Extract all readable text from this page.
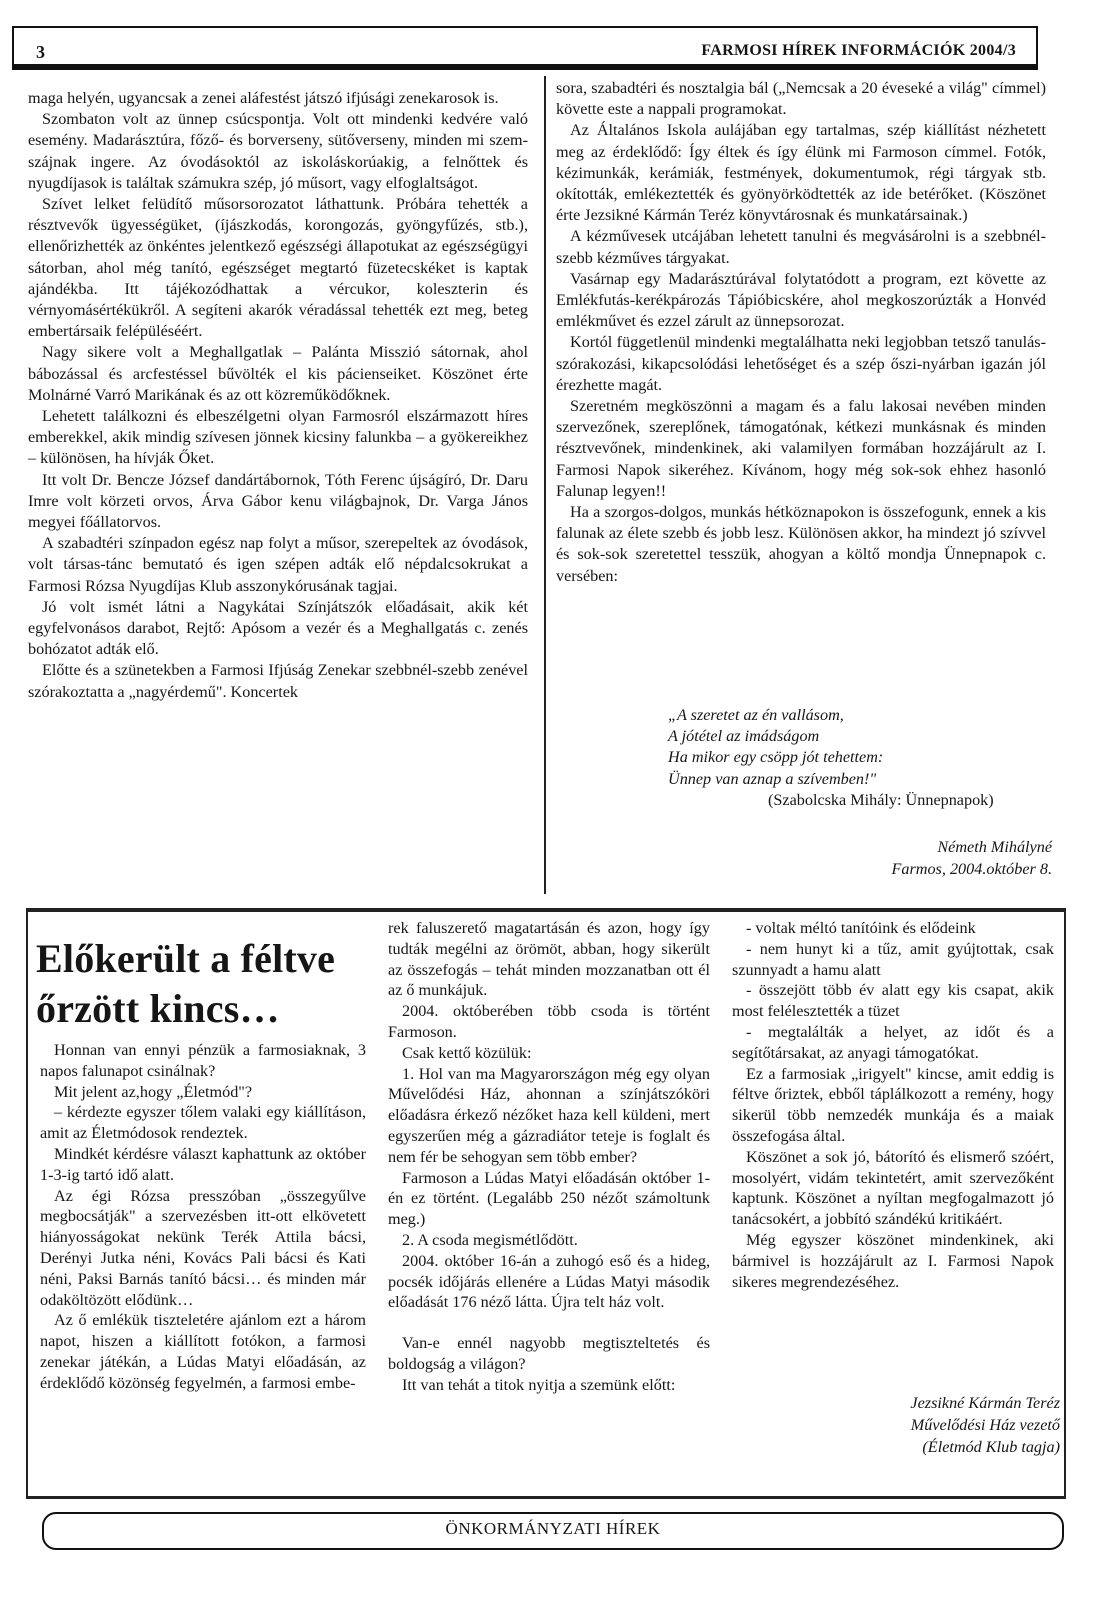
3	FARMOSI HÍREK INFORMÁCIÓK 2004/3

maga helyén, ugyancsak a zenei aláfestést játszó ifjúsági zenekarosok is.

Szombaton volt az ünnep csúcspontja. Volt ott mindenki kedvére való esemény. Madarásztúra, főző- és borverseny, sütőverseny, minden mi szem-szájnak ingere. Az óvodásoktól az iskoláskorúakig, a felnőttek és nyugdíjasok is találtak számukra szép, jó műsort, vagy elfoglaltságot.

Szívet lelket felüdítő műsorsorozatot láthattunk. Próbára tehették a résztvevők ügyességüket, (íjászkodás, korongozás, gyöngyfűzés, stb.), ellenőrizhették az önkéntes jelentkező egészségi állapotukat az egészségügyi sátorban, ahol még tanító, egészséget megtartó füzetecskéket is kaptak ajándékba. Itt tájékozódhattak a vércukor, koleszterin és vérnyomásértékükről. A segíteni akarók véradással tehették ezt meg, beteg embertársaik felépüléséért.

Nagy sikere volt a Meghallgatlak – Palánta Misszió sátornak, ahol bábozással és arcfestéssel bűvölték el kis pácienseiket. Köszönet érte Molnárné Varró Marikának és az ott közreműködőknek.

Lehetett találkozni és elbeszélgetni olyan Farmosról elszármazott híres emberekkel, akik mindig szívesen jönnek kicsiny falunkba – a gyökereikhez – különösen, ha hívják Őket.

Itt volt Dr. Bencze József dandártábornok, Tóth Ferenc újságíró, Dr. Daru Imre volt körzeti orvos, Árva Gábor kenu világbajnok, Dr. Varga János megyei főállatorvos.

A szabadtéri színpadon egész nap folyt a műsor, szerepeltek az óvodások, volt társas-tánc bemutató és igen szépen adták elő népdalcsokrukat a Farmosi Rózsa Nyugdíjas Klub asszonykórusának tagjai.

Jó volt ismét látni a Nagykátai Színjátszók előadásait, akik két egyfelvonásos darabot, Rejtő: Apósom a vezér és a Meghallgatás c. zenés bohózatot adták elő.

Előtte és a szünetekben a Farmosi Ifjúság Zenekar szebbnél-szebb zenével szórakoztatta a „nagyérdemű". Koncertek

sora, szabadtéri és nosztalgia bál („Nemcsak a 20 éveseké a világ" címmel) követte este a nappali programokat.

Az Általános Iskola aulájában egy tartalmas, szép kiállítást nézhetett meg az érdeklődő: Így éltek és így élünk mi Farmoson címmel. Fotók, kézimunkák, kerámiák, festmények, dokumentumok, régi tárgyak stb. okították, emlékeztették és gyönyörködtették az ide betérőket. (Köszönet érte Jezsikné Kármán Teréz könyvtárosnak és munkatársainak.)

A kézművesek utcájában lehetett tanulni és megvásárolni is a szebbnél-szebb kézműves tárgyakat.

Vasárnap egy Madarásztúrával folytatódott a program, ezt követte az Emlékfutás-kerékpározás Tápióbicskére, ahol megkoszorúzták a Honvéd emlékművet és ezzel zárult az ünnepsorozat.

Kortól függetlenül mindenki megtalálhatta neki legjobban tetsző tanulás-szórakozási, kikapcsolódási lehetőséget és a szép őszi-nyárban igazán jól érezhette magát.

Szeretném megköszönni a magam és a falu lakosai nevében minden szervezőnek, szereplőnek, támogatónak, kétkezi munkásnak és minden résztvevőnek, mindenkinek, aki valamilyen formában hozzájárult az I. Farmosi Napok sikeréhez. Kívánom, hogy még sok-sok ehhez hasonló Falunap legyen!!

Ha a szorgos-dolgos, munkás hétköznapokon is összefogunk, ennek a kis falunak az élete szebb és jobb lesz. Különösen akkor, ha mindezt jó szívvel és sok-sok szeretettel tesszük, ahogyan a költő mondja Ünnepnapok c. versében:

„A szeretet az én vallásom,
A jótétel az imádságom
Ha mikor egy csöpp jót tehettem:
Ünnep van aznap a szívemben!"
(Szabolcska Mihály: Ünnepnapok)
Németh Mihályné
Farmos, 2004.október 8.
Előkerült a féltve őrzött kincs…

Honnan van ennyi pénzük a farmosiaknak, 3 napos falunapot csinálnak?

Mit jelent az,hogy „Életmód"?

– kérdezte egyszer tőlem valaki egy kiállításon, amit az Életmódosok rendeztek.

Mindkét kérdésre választ kaphattunk az október 1-3-ig tartó idő alatt.

Az égi Rózsa presszóban „összegyűlve megbocsátják" a szervezésben itt-ott elkövetett hiányosságokat nekünk Terék Attila bácsi, Derényi Jutka néni, Kovács Pali bácsi és Kati néni, Paksi Barnás tanító bácsi… és minden már odaköltözött elődünk…

Az ő emlékük tiszteletére ajánlom ezt a három napot, hiszen a kiállított fotókon, a farmosi zenekar játékán, a Lúdas Matyi előadásán, az érdeklődő közönség fegyelmén, a farmosi embe-

rek faluszerető magatartásán és azon, hogy így tudták megélni az örömöt, abban, hogy sikerült az összefogás – tehát minden mozzanatban ott él az ő munkájuk.

2004. októberében több csoda is történt Farmoson.

Csak kettő közülük:

1. Hol van ma Magyarországon még egy olyan Művelődési Ház, ahonnan a színjátszóköri előadásra érkező nézőket haza kell küldeni, mert egyszerűen még a gázradiátor teteje is foglalt és nem fér be sehogyan sem több ember?

Farmoson a Lúdas Matyi előadásán október 1-én ez történt. (Legalább 250 nézőt számoltunk meg.)

2. A csoda megismétlődött.

2004. október 16-án a zuhogó eső és a hideg, pocsék időjárás ellenére a Lúdas Matyi második előadását 176 néző látta. Újra telt ház volt.

Van-e ennél nagyobb megtiszteltetés és boldogság a világon?

Itt van tehát a titok nyitja a szemünk előtt:

- voltak méltó tanítóink és elődeink

- nem hunyt ki a tűz, amit gyújtottak, csak szunnyadt a hamu alatt

- összejött több év alatt egy kis csapat, akik most felélesztették a tüzet

- megtalálták a helyet, az időt és a segítőtársakat, az anyagi támogatókat.

Ez a farmosiak „irigyelt" kincse, amit eddig is féltve őriztek, ebből táplálkozott a remény, hogy sikerül több nemzedék munkája és a maiak összefogása által.

Köszönet a sok jó, bátorító és elismerő szóért, mosolyért, vidám tekintetért, amit szervezőként kaptunk. Köszönet a nyíltan megfogalmazott jó tanácsokért, a jobbító szándékú kritikáért.

Még egyszer köszönet mindenkinek, aki bármivel is hozzájárult az I. Farmosi Napok sikeres megrendezéséhez.

Jezsikné Kármán Teréz
Művelődési Ház vezető
(Életmód Klub tagja)
ÖNKORMÁNYZATI HÍREK
